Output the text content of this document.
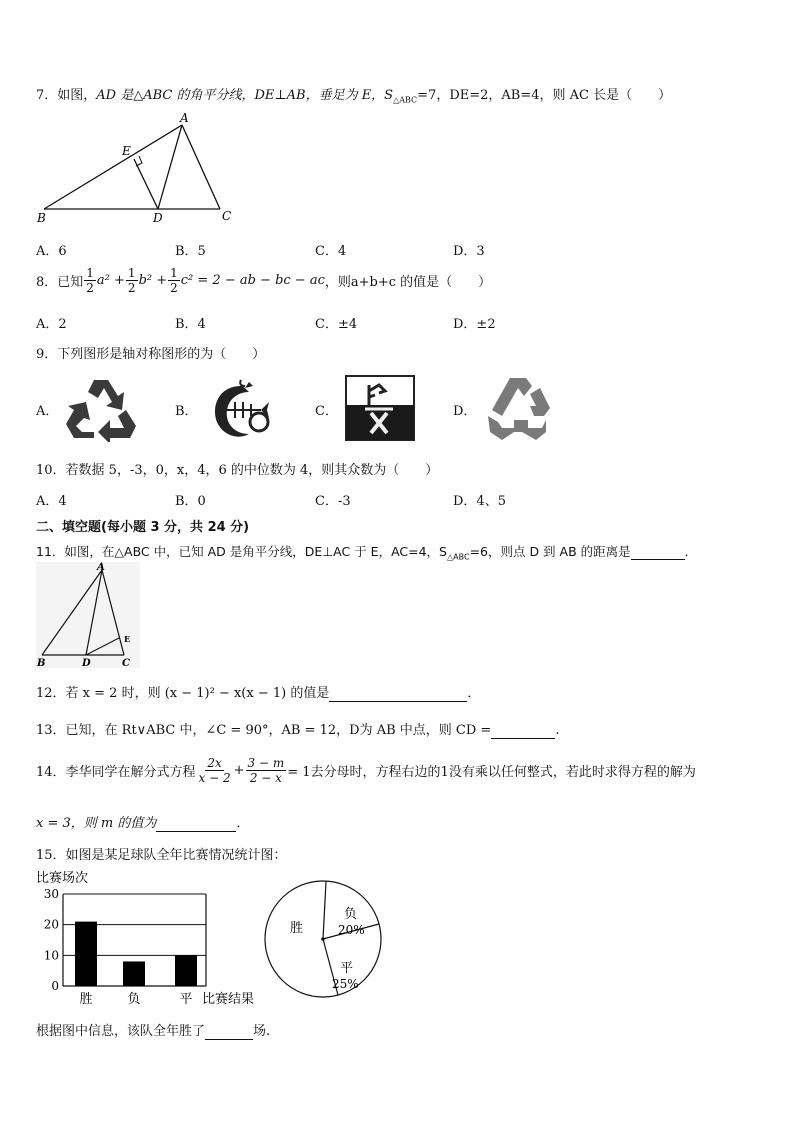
7．如图，AD 是△ABC 的角平分线，DE⊥AB，垂足为 E，$S_{\triangle ABC}=7$，DE=2，AB=4，则 AC 长是（　　）
A
E
B	D	C
A．6	B．5	C．4	D．3
8．已知 $\frac{1}{2} a^2 + \frac{1}{2} b^2 + \frac{1}{2} c^2 = 2$ − ab − bc − ac ，则a+b+c 的值是（　　）
A．2	B．4	C．±4	D．±2
9．下列图形是轴对称图形的为（　　）
A．	B．	C．	D．
10．若数据 5，-3，0，x，4，6 的中位数为 4，则其众数为（　　）
A．4	B．0	C．-3	D．4、5
二、填空题(每小题 3 分，共 24 分)
11．如图，在△ABC 中，已知 AD 是角平分线，DE⊥AC 于 E，AC=4，$S_{\triangle ABC}=6$，则点 D 到 AB 的距离是	．
A
E
B	D	C
12．若 x = 2 时，则 (x − 1)² − x(x − 1) 的值是	．
13．已知，在 Rt∨ABC 中，∠C = 90°，AB = 12，D为 AB 中点，则 CD =	.
14．李华同学在解分式方程 $\frac{2x}{x - 2} + \frac{3 - m}{2 - x} = 1$去分母时，方程右边的1没有乘以任何整式，若此时求得方程的解为
x = 3，则 m 的值为	．
15．如图是某足球队全年比赛情况统计图：
比赛场次
0
10
20
30
胜	负	平 比赛结果
胜
负
20%
平
25%
根据图中信息，该队全年胜了	场.
